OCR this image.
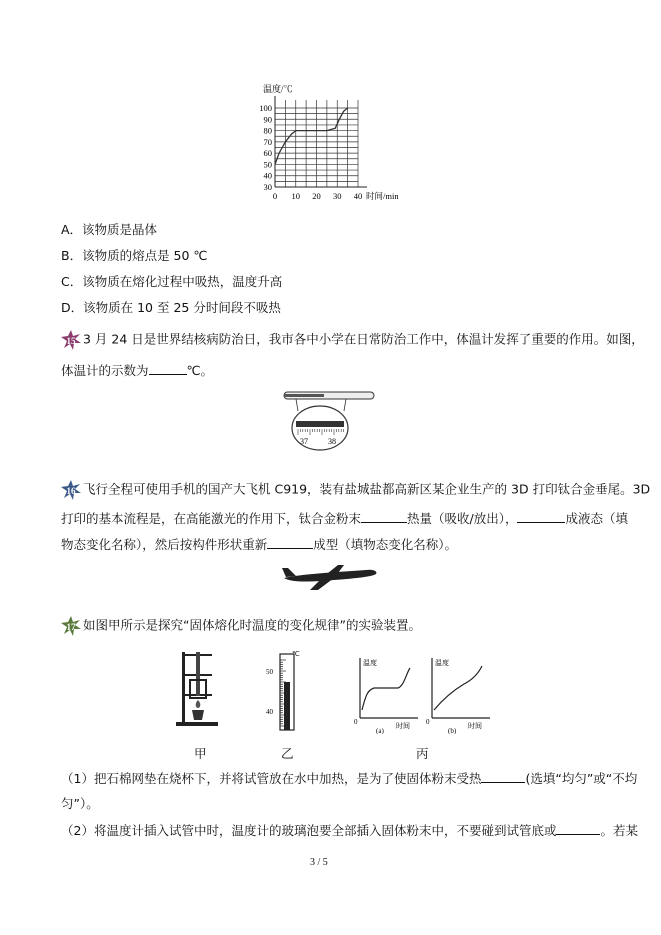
30
40
50
60
70
80
90
100
0 10 20 30 40
温度/℃
时间/min
A．该物质是晶体
B．该物质的熔点是 50 ℃
C．该物质在熔化过程中吸热，温度升高
D．该物质在 10 至 25 分时间段不吸热
15 3 月 24 日是世界结核病防治日，我市各中小学在日常防治工作中，体温计发挥了重要的作用。如图，
体温计的示数为	℃。
37	38
16 飞行全程可使用手机的国产大飞机 C919，装有盐城盐都高新区某企业生产的 3D 打印钛合金垂尾。3D
打印的基本流程是，在高能激光的作用下，钛合金粉末	热量（吸收/放出），	成液态（填
物态变化名称），然后按构件形状重新	成型（填物态变化名称）。
17 如图甲所示是探究“固体熔化时温度的变化规律”的实验装置。
甲
℃
50
40
乙
温度
时间
0
(a)
温度
时间
0
(b)
丙
（1）把石棉网垫在烧杯下，并将试管放在水中加热，是为了使固体粉末受热	(选填“均匀”或“不均
匀”）。
（2）将温度计插入试管中时，温度计的玻璃泡要全部插入固体粉末中，不要碰到试管底或	。若某
3 / 5
